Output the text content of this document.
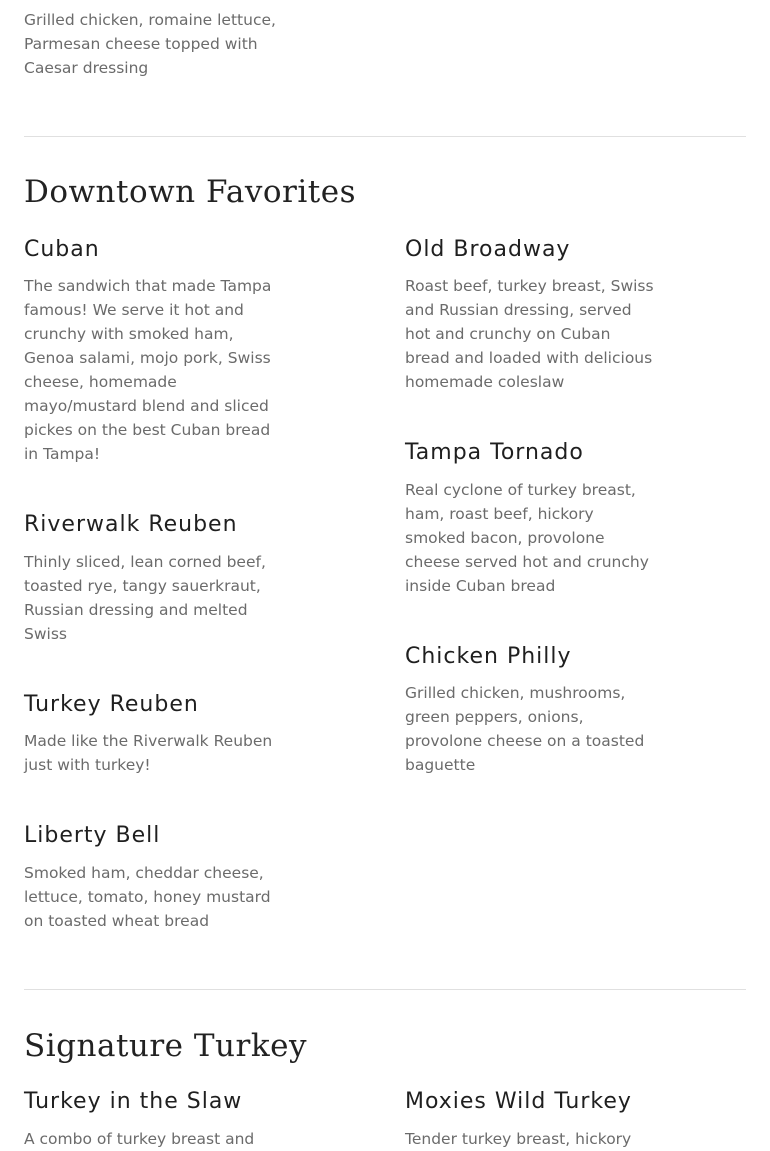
Grilled chicken, romaine lettuce, Parmesan cheese topped with Caesar dressing

Downtown Favorites
Cuban

The sandwich that made Tampa famous! We serve it hot and crunchy with smoked ham, Genoa salami, mojo pork, Swiss cheese, homemade mayo/mustard blend and sliced pickes on the best Cuban bread in Tampa!

Riverwalk Reuben

Thinly sliced, lean corned beef, toasted rye, tangy sauerkraut, Russian dressing and melted Swiss

Turkey Reuben

Made like the Riverwalk Reuben just with turkey!

Liberty Bell

Smoked ham, cheddar cheese, lettuce, tomato, honey mustard on toasted wheat bread

Old Broadway

Roast beef, turkey breast, Swiss and Russian dressing, served hot and crunchy on Cuban bread and loaded with delicious homemade coleslaw

Tampa Tornado

Real cyclone of turkey breast, ham, roast beef, hickory smoked bacon, provolone cheese served hot and crunchy inside Cuban bread

Chicken Philly

Grilled chicken, mushrooms, green peppers, onions, provolone cheese on a toasted baguette

Signature Turkey
Turkey in the Slaw

A combo of turkey breast and

Moxies Wild Turkey

Tender turkey breast, hickory
